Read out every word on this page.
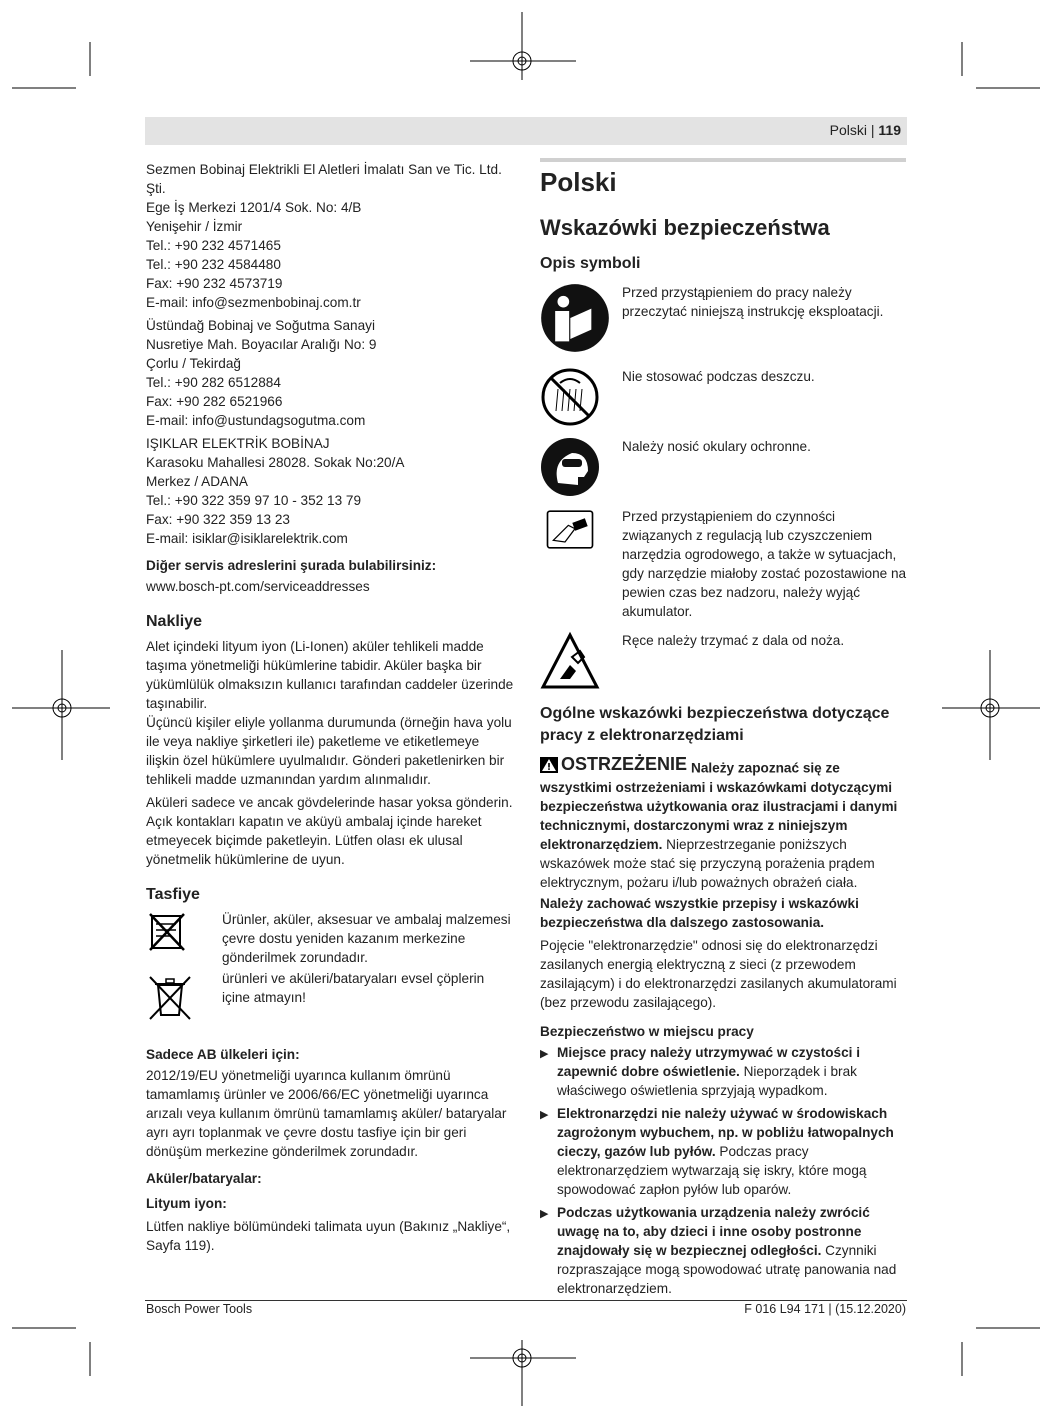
Polski | 119

Sezmen Bobinaj Elektrikli El Aletleri İmalatı San ve Tic. Ltd.

Şti.

Ege İş Merkezi 1201/4 Sok. No: 4/B

Yenişehir / İzmir

Tel.: +90 232 4571465

Tel.: +90 232 4584480

Fax: +90 232 4573719

E-mail: info@sezmenbobinaj.com.tr

Üstündağ Bobinaj ve Soğutma Sanayi

Nusretiye Mah. Boyacılar Aralığı No: 9

Çorlu / Tekirdağ

Tel.: +90 282 6512884

Fax: +90 282 6521966

E-mail: info@ustundagsogutma.com

IŞIKLAR ELEKTRİK BOBİNAJ

Karasoku Mahallesi 28028. Sokak No:20/A

Merkez / ADANA

Tel.: +90 322 359 97 10 - 352 13 79

Fax: +90 322 359 13 23

E-mail: isiklar@isiklarelektrik.com

Diğer servis adreslerini şurada bulabilirsiniz:

www.bosch-pt.com/serviceaddresses

Nakliye

Alet içindeki lityum iyon (Li-Ionen) aküler tehlikeli madde taşıma yönetmeliği hükümlerine tabidir. Aküler başka bir yükümlülük olmaksızın kullanıcı tarafından caddeler üzerinde taşınabilir.

Üçüncü kişiler eliyle yollanma durumunda (örneğin hava yolu ile veya nakliye şirketleri ile) paketleme ve etiketlemeye ilişkin özel hükümlere uyulmalıdır. Gönderi paketlenirken bir tehlikeli madde uzmanından yardım alınmalıdır.

Aküleri sadece ve ancak gövdelerinde hasar yoksa gönderin. Açık kontakları kapatın ve aküyü ambalaj içinde hareket etmeyecek biçimde paketleyin. Lütfen olası ek ulusal yönetmelik hükümlerine de uyun.

Tasfiye

Ürünler, aküler, aksesuar ve ambalaj malzemesi çevre dostu yeniden kazanım merkezine gönderilmek zorundadır.

ürünleri ve aküleri/bataryaları evsel çöplerin içine atmayın!

Sadece AB ülkeleri için:

2012/19/EU yönetmeliği uyarınca kullanım ömrünü tamamlamış ürünler ve 2006/66/EC yönetmeliği uyarınca arızalı veya kullanım ömrünü tamamlamış aküler/ bataryalar ayrı ayrı toplanmak ve çevre dostu tasfiye için bir geri dönüşüm merkezine gönderilmek zorundadır.

Aküler/bataryalar:

Lityum iyon:

Lütfen nakliye bölümündeki talimata uyun (Bakınız „Nakliye“, Sayfa 119).

Polski
Wskazówki bezpieczeństwa
Opis symboli

Przed przystąpieniem do pracy należy przeczytać niniejszą instrukcję eksploatacji.

Nie stosować podczas deszczu.

Należy nosić okulary ochronne.

Przed przystąpieniem do czynności związanych z regulacją lub czyszczeniem narzędzia ogrodowego, a także w sytuacjach, gdy narzędzie miałoby zostać pozostawione na pewien czas bez nadzoru, należy wyjąć akumulator.

Ręce należy trzymać z dala od noża.

Ogólne wskazówki bezpieczeństwa dotyczące pracy z elektronarzędziami

OSTRZEŻENIE Należy zapoznać się ze wszystkimi ostrzeżeniami i wskazówkami dotyczącymi bezpieczeństwa użytkowania oraz ilustracjami i danymi technicznymi, dostarczonymi wraz z niniejszym elektronarzędziem. Nieprzestrzeganie poniższych wskazówek może stać się przyczyną porażenia prądem elektrycznym, pożaru i/lub poważnych obrażeń ciała.

Należy zachować wszystkie przepisy i wskazówki bezpieczeństwa dla dalszego zastosowania.

Pojęcie "elektronarzędzie" odnosi się do elektronarzędzi zasilanych energią elektryczną z sieci (z przewodem zasilającym) i do elektronarzędzi zasilanych akumulatorami (bez przewodu zasilającego).

Bezpieczeństwo w miejscu pracy

▶ Miejsce pracy należy utrzymywać w czystości i zapewnić dobre oświetlenie. Nieporządek i brak właściwego oświetlenia sprzyjają wypadkom.

▶ Elektronarzędzi nie należy używać w środowiskach zagrożonym wybuchem, np. w pobliżu łatwopalnych cieczy, gazów lub pyłów. Podczas pracy elektronarzędziem wytwarzają się iskry, które mogą spowodować zapłon pyłów lub oparów.

▶ Podczas użytkowania urządzenia należy zwrócić uwagę na to, aby dzieci i inne osoby postronne znajdowały się w bezpiecznej odległości. Czynniki rozpraszające mogą spowodować utratę panowania nad elektronarzędziem.

Bosch Power Tools	F 016 L94 171 | (15.12.2020)
